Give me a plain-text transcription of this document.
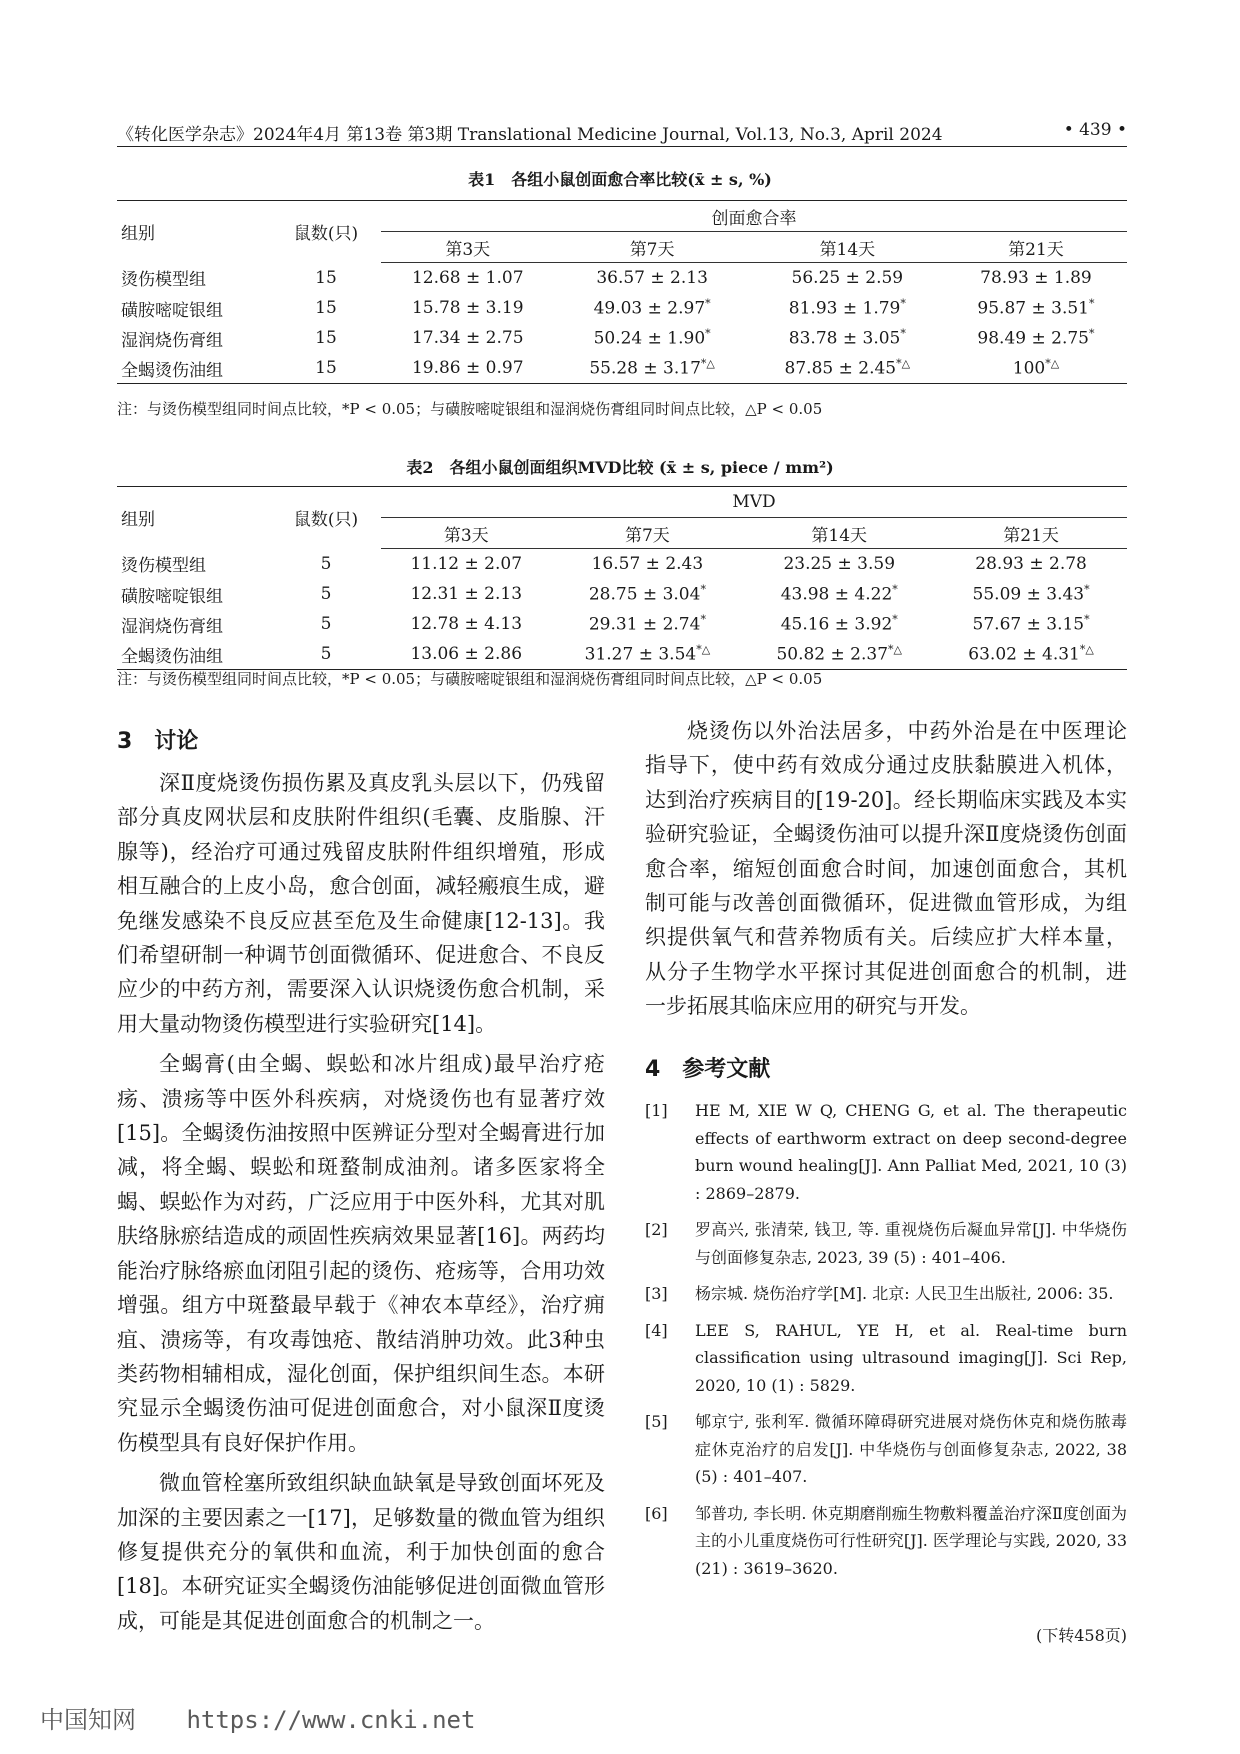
《转化医学杂志》2024年4月 第13卷 第3期 Translational Medicine Journal, Vol.13, No.3, April 2024	• 439 •
表1　各组小鼠创面愈合率比较(x̄ ± s, %)
组别	鼠数(只)	创面愈合率			
		第3天	第7天	第14天	第21天
烫伤模型组	15	12.68 ± 1.07	36.57 ± 2.13	56.25 ± 2.59	78.93 ± 1.89
磺胺嘧啶银组	15	15.78 ± 3.19	49.03 ± 2.97*	81.93 ± 1.79*	95.87 ± 3.51*
湿润烧伤膏组	15	17.34 ± 2.75	50.24 ± 1.90*	83.78 ± 3.05*	98.49 ± 2.75*
全蝎烫伤油组	15	19.86 ± 0.97	55.28 ± 3.17*△	87.85 ± 2.45*△	100*△
注：与烫伤模型组同时间点比较，*P < 0.05；与磺胺嘧啶银组和湿润烧伤膏组同时间点比较，△P < 0.05
表2　各组小鼠创面组织MVD比较 (x̄ ± s, piece / mm²)
组别	鼠数(只)	MVD			
		第3天	第7天	第14天	第21天
烫伤模型组	5	11.12 ± 2.07	16.57 ± 2.43	23.25 ± 3.59	28.93 ± 2.78
磺胺嘧啶银组	5	12.31 ± 2.13	28.75 ± 3.04*	43.98 ± 4.22*	55.09 ± 3.43*
湿润烧伤膏组	5	12.78 ± 4.13	29.31 ± 2.74*	45.16 ± 3.92*	57.67 ± 3.15*
全蝎烫伤油组	5	13.06 ± 2.86	31.27 ± 3.54*△	50.82 ± 2.37*△	63.02 ± 4.31*△
注：与烫伤模型组同时间点比较，*P < 0.05；与磺胺嘧啶银组和湿润烧伤膏组同时间点比较，△P < 0.05
3　讨论

深Ⅱ度烧烫伤损伤累及真皮乳头层以下，仍残留部分真皮网状层和皮肤附件组织(毛囊、皮脂腺、汗腺等)，经治疗可通过残留皮肤附件组织增殖，形成相互融合的上皮小岛，愈合创面，减轻瘢痕生成，避免继发感染不良反应甚至危及生命健康[12-13]。我们希望研制一种调节创面微循环、促进愈合、不良反应少的中药方剂，需要深入认识烧烫伤愈合机制，采用大量动物烫伤模型进行实验研究[14]。

全蝎膏(由全蝎、蜈蚣和冰片组成)最早治疗疮疡、溃疡等中医外科疾病，对烧烫伤也有显著疗效[15]。全蝎烫伤油按照中医辨证分型对全蝎膏进行加减，将全蝎、蜈蚣和斑蝥制成油剂。诸多医家将全蝎、蜈蚣作为对药，广泛应用于中医外科，尤其对肌肤络脉瘀结造成的顽固性疾病效果显著[16]。两药均能治疗脉络瘀血闭阻引起的烫伤、疮疡等，合用功效增强。组方中斑蝥最早载于《神农本草经》，治疗痈疽、溃疡等，有攻毒蚀疮、散结消肿功效。此3种虫类药物相辅相成，湿化创面，保护组织间生态。本研究显示全蝎烫伤油可促进创面愈合，对小鼠深Ⅱ度烫伤模型具有良好保护作用。

微血管栓塞所致组织缺血缺氧是导致创面坏死及加深的主要因素之一[17]，足够数量的微血管为组织修复提供充分的氧供和血流，利于加快创面的愈合[18]。本研究证实全蝎烫伤油能够促进创面微血管形成，可能是其促进创面愈合的机制之一。

烧烫伤以外治法居多，中药外治是在中医理论指导下，使中药有效成分通过皮肤黏膜进入机体，达到治疗疾病目的[19-20]。经长期临床实践及本实验研究验证，全蝎烫伤油可以提升深Ⅱ度烧烫伤创面愈合率，缩短创面愈合时间，加速创面愈合，其机制可能与改善创面微循环，促进微血管形成，为组织提供氧气和营养物质有关。后续应扩大样本量，从分子生物学水平探讨其促进创面愈合的机制，进一步拓展其临床应用的研究与开发。

4　参考文献
[1]	HE M, XIE W Q, CHENG G, et al. The therapeutic effects of earthworm extract on deep second-degree burn wound healing[J]. Ann Palliat Med, 2021, 10 (3) : 2869–2879.
[2]	罗高兴, 张清荣, 钱卫, 等. 重视烧伤后凝血异常[J]. 中华烧伤与创面修复杂志, 2023, 39 (5) : 401–406.
[3]	杨宗城. 烧伤治疗学[M]. 北京: 人民卫生出版社, 2006: 35.
[4]	LEE S, RAHUL, YE H, et al. Real-time burn classification using ultrasound imaging[J]. Sci Rep, 2020, 10 (1) : 5829.
[5]	郇京宁, 张利军. 微循环障碍研究进展对烧伤休克和烧伤脓毒症休克治疗的启发[J]. 中华烧伤与创面修复杂志, 2022, 38 (5) : 401–407.
[6]	邹普功, 李长明. 休克期磨削痂生物敷料覆盖治疗深Ⅱ度创面为主的小儿重度烧伤可行性研究[J]. 医学理论与实践, 2020, 33 (21) : 3619–3620.
(下转458页)
中国知网 https://www.cnki.net
